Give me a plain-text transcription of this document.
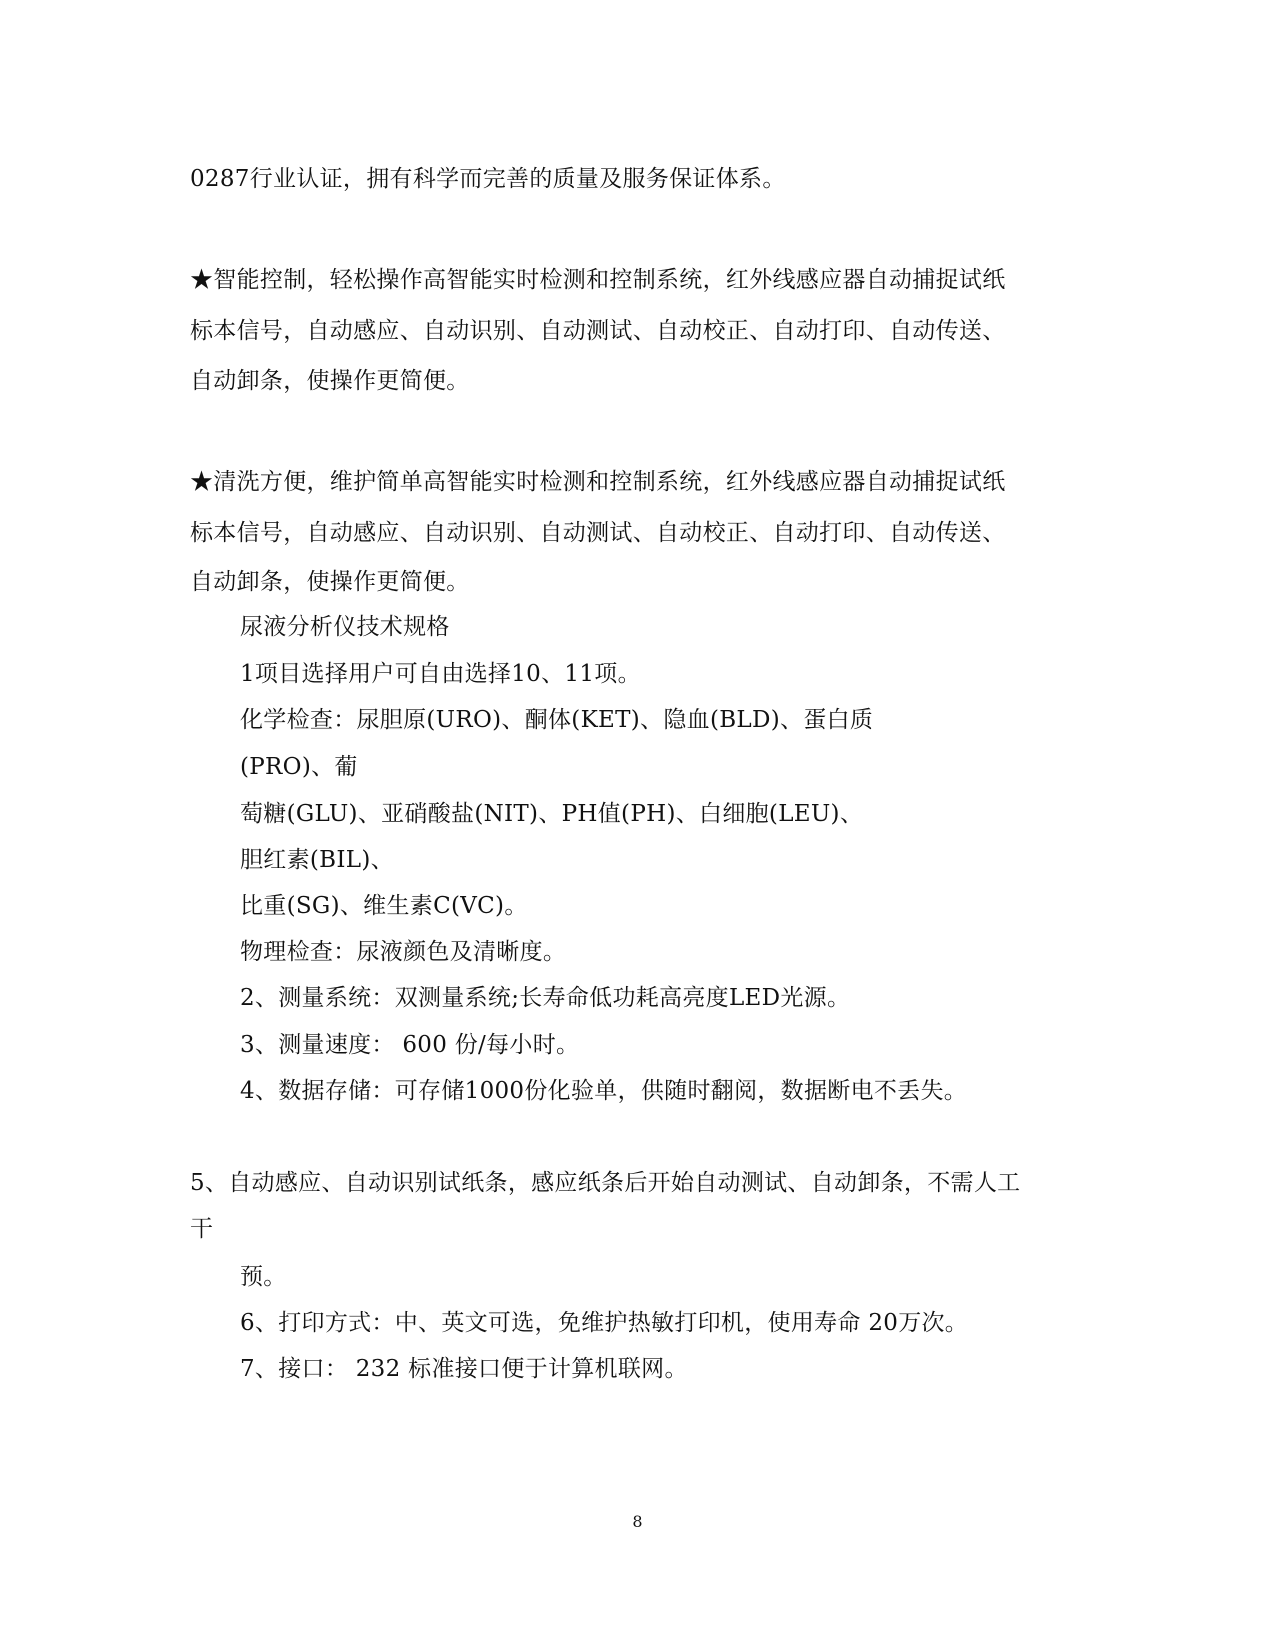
0287行业认证，拥有科学而完善的质量及服务保证体系。
★智能控制，轻松操作高智能实时检测和控制系统，红外线感应器自动捕捉试纸
标本信号，自动感应、自动识别、自动测试、自动校正、自动打印、自动传送、
自动卸条，使操作更简便。
★清洗方便，维护简单高智能实时检测和控制系统，红外线感应器自动捕捉试纸
标本信号，自动感应、自动识别、自动测试、自动校正、自动打印、自动传送、
自动卸条，使操作更简便。
尿液分析仪技术规格
1项目选择用户可自由选择10、11项。
化学检查：尿胆原(URO)、酮体(KET)、隐血(BLD)、蛋白质
(PRO)、葡
萄糖(GLU)、亚硝酸盐(NIT)、PH值(PH)、白细胞(LEU)、
胆红素(BIL)、
比重(SG)、维生素C(VC)。
物理检查：尿液颜色及清晰度。
2、测量系统：双测量系统;长寿命低功耗高亮度LED光源。
3、测量速度： 600 份/每小时。
4、数据存储：可存储1000份化验单，供随时翻阅，数据断电不丢失。
5、自动感应、自动识别试纸条，感应纸条后开始自动测试、自动卸条，不需人工
干
预。
6、打印方式：中、英文可选，免维护热敏打印机，使用寿命 20万次。
7、接口： 232 标准接口便于计算机联网。
8
